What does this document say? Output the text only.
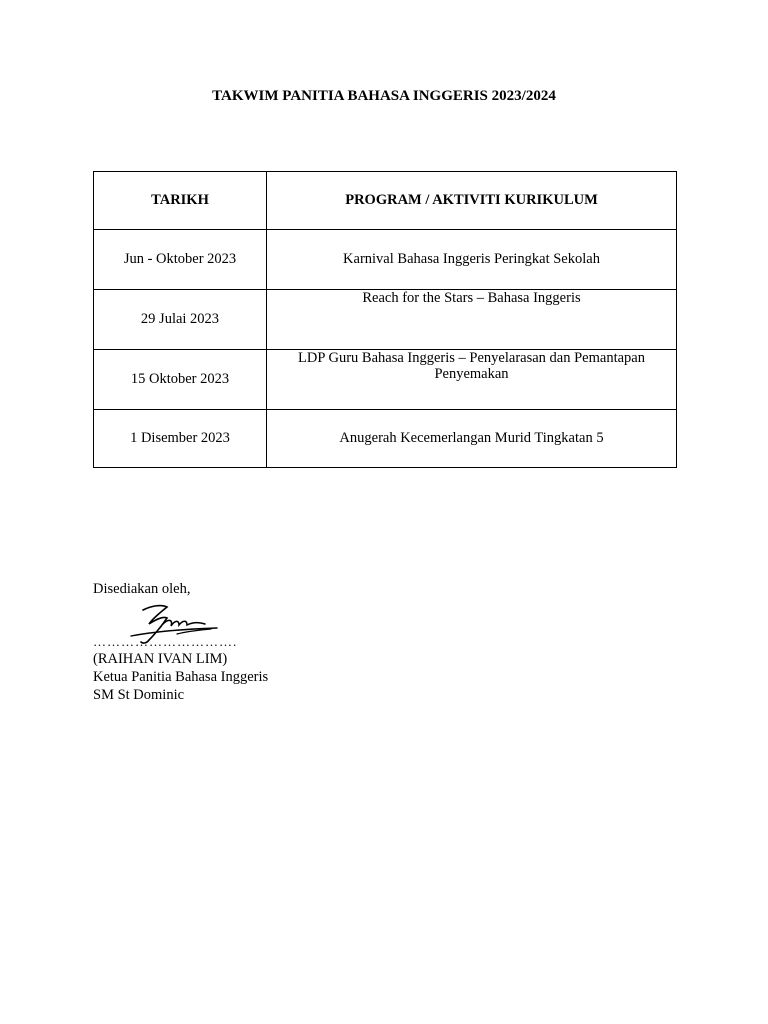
TAKWIM PANITIA BAHASA INGGERIS 2023/2024
TARIKH	PROGRAM / AKTIVITI KURIKULUM
Jun - Oktober 2023	Karnival Bahasa Inggeris Peringkat Sekolah
29 Julai 2023	Reach for the Stars – Bahasa Inggeris
15 Oktober 2023	LDP Guru Bahasa Inggeris – Penyelarasan dan Pemantapan Penyemakan
1 Disember 2023	Anugerah Kecemerlangan Murid Tingkatan 5
Disediakan oleh,
………………………….
(RAIHAN IVAN LIM)
Ketua Panitia Bahasa Inggeris
SM St Dominic
